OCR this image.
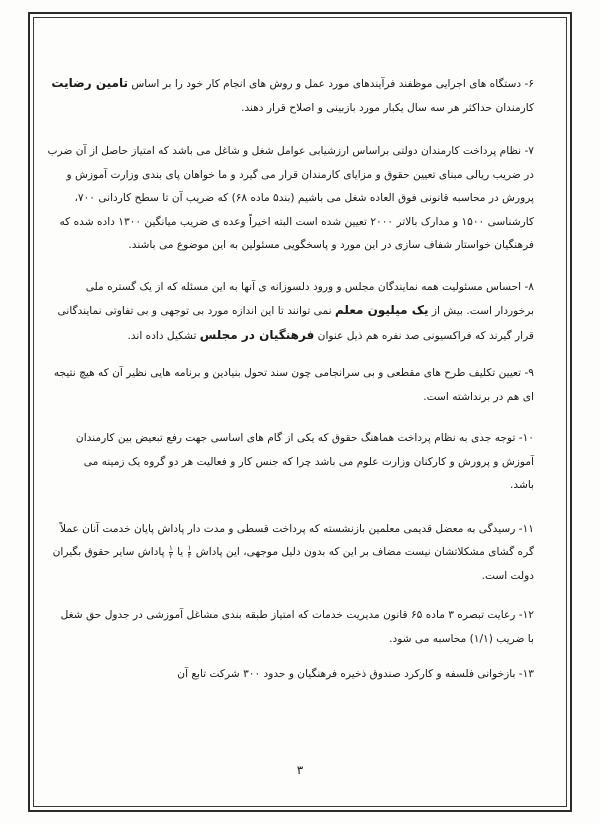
۶- دستگاه های اجرایی موظفند فرآیندهای مورد عمل و روش های انجام کار خود را بر اساس تامین رضایت
کارمندان حداکثر هر سه سال یکبار مورد بازبینی و اصلاح قرار دهند.

۷- نظام پرداخت کارمندان دولتی براساس ارزشیابی عوامل شغل و شاغل می باشد که امتیاز حاصل از آن ضرب
در ضریب ریالی مبنای تعیین حقوق و مزایای کارمندان قرار می گیرد و ما خواهان پای بندی وزارت آموزش و
پرورش در محاسبه قانونی فوق العاده شغل می باشیم (بند۵ ماده ۶۸) که ضریب آن تا سطح کاردانی ۷۰۰،
کارشناسی ۱۵۰۰ و مدارک بالاتر ۲۰۰۰ تعیین شده است البته اخیراً وعده ی ضریب میانگین ۱۳۰۰ داده شده که
فرهنگیان خواستار شفاف سازی در این مورد و پاسخگویی مسئولین به این موضوع می باشند.

۸- احساس مسئولیت همه نمایندگان مجلس و ورود دلسوزانه ی آنها به این مسئله که از یک گستره ملی
برخوردار است. بیش از یک میلیون معلم نمی توانند تا این اندازه مورد بی توجهی و بی تفاوتی نمایندگانی
قرار گیرند که فراکسیونی صد نفره هم ذیل عنوان فرهنگیان در مجلس تشکیل داده اند.

۹- تعیین تکلیف طرح های مقطعی و بی سرانجامی چون سند تحول بنیادین و برنامه هایی نظیر آن که هیچ نتیجه
ای هم در برنداشته است.

۱۰- توجه جدی به نظام پرداخت هماهنگ حقوق که یکی از گام های اساسی جهت رفع تبعیض بین کارمندان
آموزش و پرورش و کارکنان وزارت علوم می باشد چرا که جنس کار و فعالیت هر دو گروه یک زمینه می
باشد.

۱۱- رسیدگی به معضل قدیمی معلمین بازنشسته که پرداخت قسطی و مدت دار پاداش پایان خدمت آنان عملاً
گره گشای مشکلاتشان نیست مضاف بر این که بدون دلیل موجهی، این پاداش
$\frac{۱}{۳}$
یا
$\frac{۱}{۲}$
پاداش سایر حقوق بگیران
دولت است.

۱۲- رعایت تبصره ۳ ماده ۶۵ قانون مدیریت خدمات که امتیاز طبقه بندی مشاغل آموزشی در جدول حق شغل
با ضریب (۱/۱) محاسبه می شود.

۱۳- بازخوانی فلسفه و کارکرد صندوق ذخیره فرهنگیان و حدود ۳۰۰ شرکت تابع آن

۳
